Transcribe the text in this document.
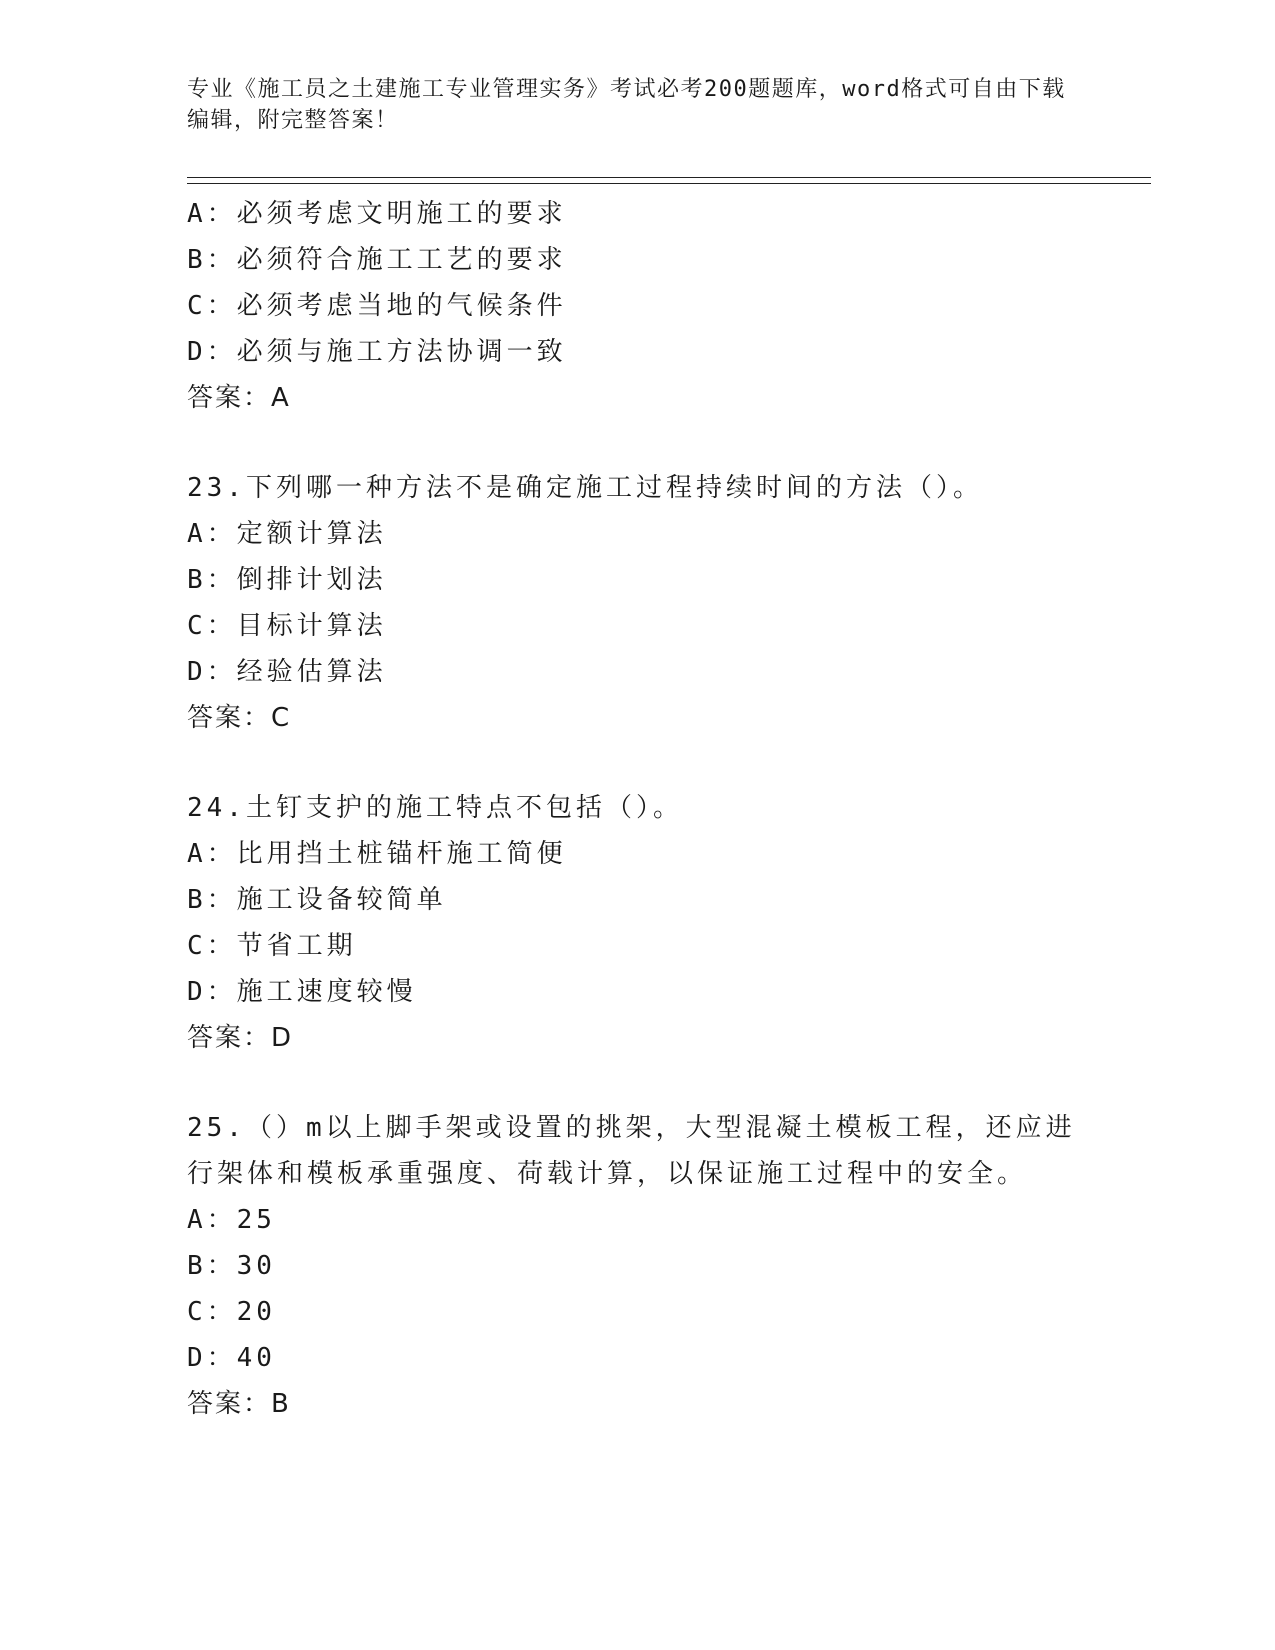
专业《施工员之土建施工专业管理实务》考试必考200题题库，word格式可自由下载编辑，附完整答案！
A：必须考虑文明施工的要求
B：必须符合施工工艺的要求
C：必须考虑当地的气候条件
D：必须与施工方法协调一致
答案：A
23.下列哪一种方法不是确定施工过程持续时间的方法（）。
A：定额计算法
B：倒排计划法
C：目标计算法
D：经验估算法
答案：C
24.土钉支护的施工特点不包括（）。
A：比用挡土桩锚杆施工简便
B：施工设备较简单
C：节省工期
D：施工速度较慢
答案：D
25.（）m以上脚手架或设置的挑架，大型混凝土模板工程，还应进行架体和模板承重强度、荷载计算，以保证施工过程中的安全。
A：25
B：30
C：20
D：40
答案：B
